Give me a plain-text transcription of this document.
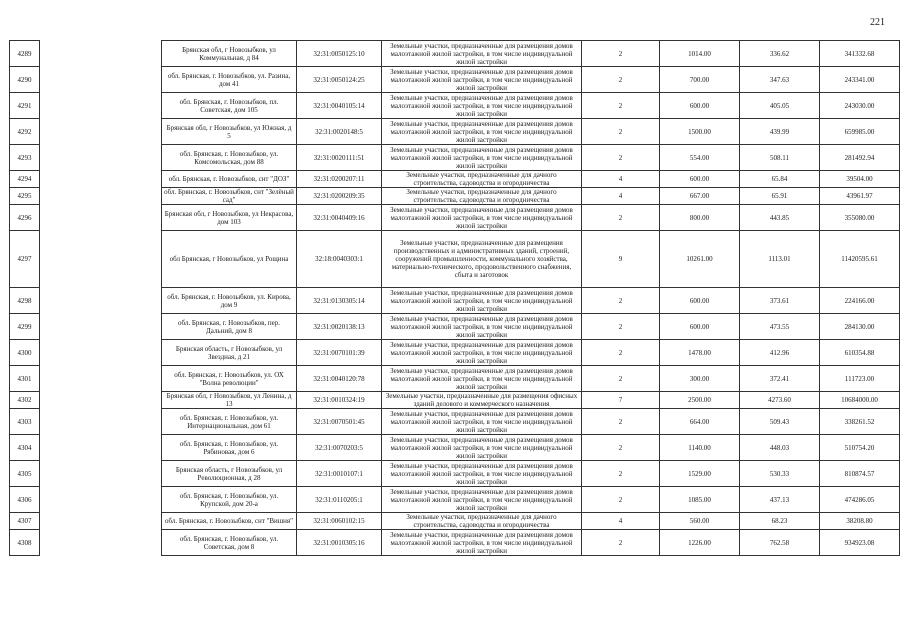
221
4289		Брянская обл, г Новозыбков, ул Коммунальная, д 84	32:31:0050125:10	Земельные участки, предназначенные для размещения домов малоэтажной жилой застройки, в том числе индивидуальной жилой застройки	2	1014.00	336.62	341332.68
4290		обл. Брянская, г. Новозыбков, ул. Разина, дом 41	32:31:0050124:25	Земельные участки, предназначенные для размещения домов малоэтажной жилой застройки, в том числе индивидуальной жилой застройки	2	700.00	347.63	243341.00
4291		обл. Брянская, г. Новозыбков, пл. Советская, дом 105	32:31:0040105:14	Земельные участки, предназначенные для размещения домов малоэтажной жилой застройки, в том числе индивидуальной жилой застройки	2	600.00	405.05	243030.00
4292		Брянская обл, г Новозыбков, ул Южная, д 5	32:31:0020148:5	Земельные участки, предназначенные для размещения домов малоэтажной жилой застройки, в том числе индивидуальной жилой застройки	2	1500.00	439.99	659985.00
4293		обл. Брянская, г. Новозыбков, ул. Комсомольская, дом 88	32:31:0020111:51	Земельные участки, предназначенные для размещения домов малоэтажной жилой застройки, в том числе индивидуальной жилой застройки	2	554.00	508.11	281492.94
4294		обл. Брянская, г. Новозыбков, снт "ДОЗ"	32:31:0200207:11	Земельные участки, предназначенные для дачного строительства, садоводства и огородничества	4	600.00	65.84	39504.00
4295		обл. Брянская, г. Новозыбков, снт "Зелёный сад"	32:31:0200209:35	Земельные участки, предназначенные для дачного строительства, садоводства и огородничества	4	667.00	65.91	43961.97
4296		Брянская обл, г Новозыбков, ул Некрасова, дом 103	32:31:0040409:16	Земельные участки, предназначенные для размещения домов малоэтажной жилой застройки, в том числе индивидуальной жилой застройки	2	800.00	443.85	355080.00
4297		обл Брянская, г Новозыбков, ул Рощина	32:18:0040303:1	Земельные участки, предназначенные для размещения производственных и административных зданий, строений, сооружений промышленности, коммунального хозяйства, материально-технического, продовольственного снабжения, сбыта и заготовок	9	10261.00	1113.01	11420595.61
4298		обл. Брянская, г. Новозыбков, ул. Кирова, дом 9	32:31:0130305:14	Земельные участки, предназначенные для размещения домов малоэтажной жилой застройки, в том числе индивидуальной жилой застройки	2	600.00	373.61	224166.00
4299		обл. Брянская, г. Новозыбков, пер. Дальний, дом 8	32:31:0020138:13	Земельные участки, предназначенные для размещения домов малоэтажной жилой застройки, в том числе индивидуальной жилой застройки	2	600.00	473.55	284130.00
4300		Брянская область, г Новозыбков, ул Звездная, д 21	32:31:0070101:39	Земельные участки, предназначенные для размещения домов малоэтажной жилой застройки, в том числе индивидуальной жилой застройки	2	1478.00	412.96	610354.88
4301		обл. Брянская, г. Новозыбков, ул. ОХ "Волна революции"	32:31:0040120:78	Земельные участки, предназначенные для размещения домов малоэтажной жилой застройки, в том числе индивидуальной жилой застройки	2	300.00	372.41	111723.00
4302		Брянская обл, г Новозыбков, ул Ленина, д 13	32:31:0010324:19	Земельные участки, предназначенные для размещения офисных зданий делового и коммерческого назначения	7	2500.00	4273.60	10684000.00
4303		обл. Брянская, г. Новозыбков, ул. Интернациональная, дом 61	32:31:0070501:45	Земельные участки, предназначенные для размещения домов малоэтажной жилой застройки, в том числе индивидуальной жилой застройки	2	664.00	509.43	338261.52
4304		обл. Брянская, г. Новозыбков, ул. Рябиновая, дом 6	32:31:0070203:5	Земельные участки, предназначенные для размещения домов малоэтажной жилой застройки, в том числе индивидуальной жилой застройки	2	1140.00	448.03	510754.20
4305		Брянская область, г Новозыбков, ул Революционная, д 28	32:31:0010107:1	Земельные участки, предназначенные для размещения домов малоэтажной жилой застройки, в том числе индивидуальной жилой застройки	2	1529.00	530.33	810874.57
4306		обл. Брянская, г. Новозыбков, ул. Крупской, дом 20-а	32:31:0110205:1	Земельные участки, предназначенные для размещения домов малоэтажной жилой застройки, в том числе индивидуальной жилой застройки	2	1085.00	437.13	474286.05
4307		обл. Брянская, г. Новозыбков, снт "Вишня"	32:31:0060102:15	Земельные участки, предназначенные для дачного строительства, садоводства и огородничества	4	560.00	68.23	38208.80
4308		обл. Брянская, г. Новозыбков, ул. Советская, дом 8	32:31:0010305:16	Земельные участки, предназначенные для размещения домов малоэтажной жилой застройки, в том числе индивидуальной жилой застройки	2	1226.00	762.58	934923.08
